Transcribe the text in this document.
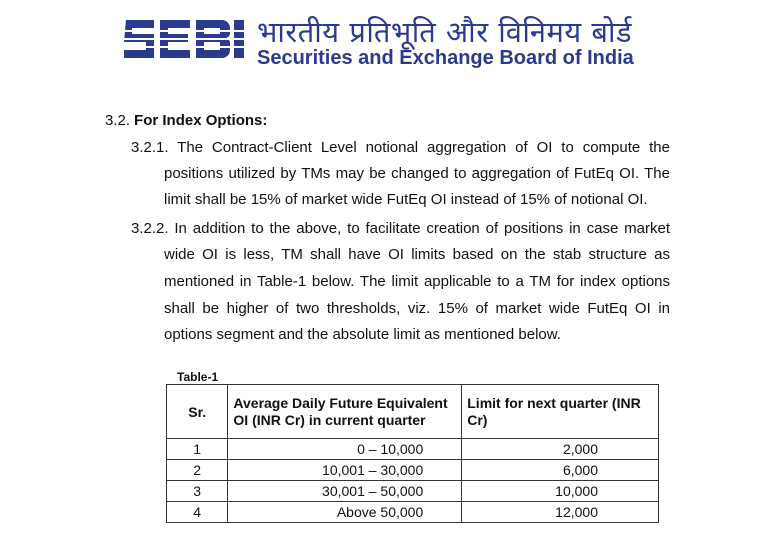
भारतीय प्रतिभूति और विनिमय बोर्ड
Securities and Exchange Board of India
3.2. For Index Options:
3.2.1. The Contract-Client Level notional aggregation of OI to compute the
positions utilized by TMs may be changed to aggregation of FutEq OI. The
limit shall be 15% of market wide FutEq OI instead of 15% of notional OI.
3.2.2. In addition to the above, to facilitate creation of positions in case market
wide OI is less, TM shall have OI limits based on the stab structure as
mentioned in Table-1 below. The limit applicable to a TM for index options
shall be higher of two thresholds, viz. 15% of market wide FutEq OI in
options segment and the absolute limit as mentioned below.
Table-1
Sr.	Average Daily Future Equivalent OI (INR Cr) in current quarter	Limit for next quarter (INR Cr)
1	0 – 10,000	2,000
2	10,001 – 30,000	6,000
3	30,001 – 50,000	10,000
4	Above 50,000	12,000
